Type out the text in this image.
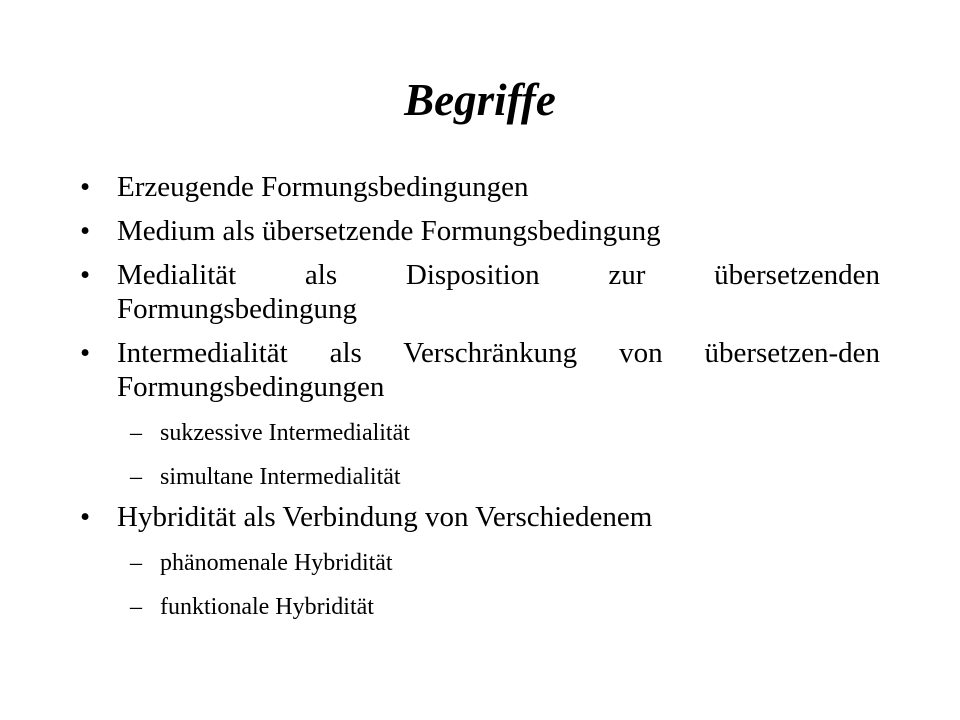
Begriffe
• Erzeugende Formungsbedingungen
• Medium als übersetzende Formungsbedingung
• Medialität als Disposition zur übersetzenden Formungsbedingung
• Intermedialität als Verschränkung von übersetzen-den Formungsbedingungen
– sukzessive Intermedialität
– simultane Intermedialität
• Hybridität als Verbindung von Verschiedenem
– phänomenale Hybridität
– funktionale Hybridität
